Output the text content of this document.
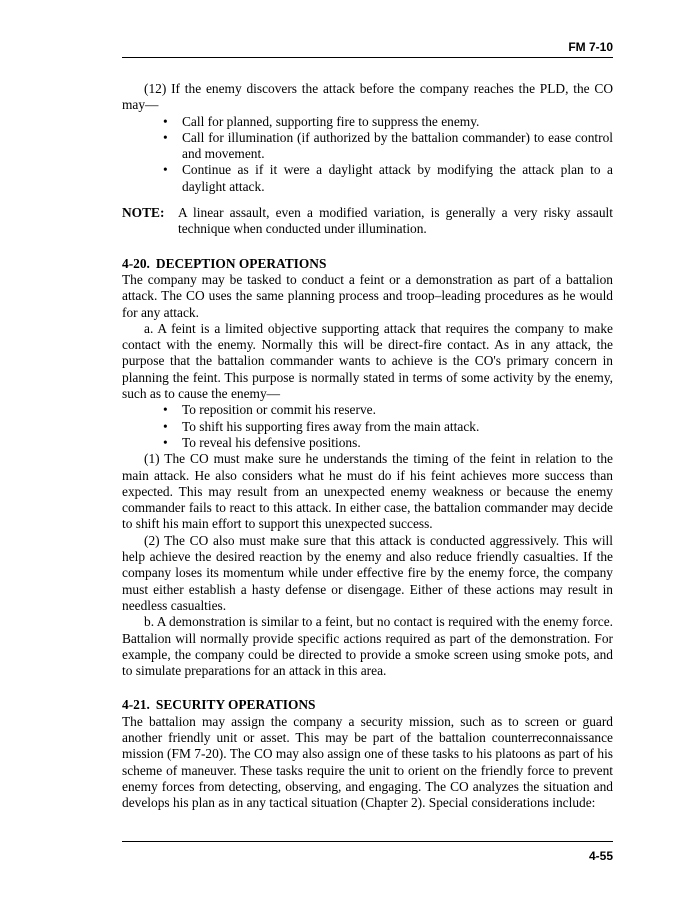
FM 7-10

(12) If the enemy discovers the attack before the company reaches the PLD, the CO may—

• Call for planned, supporting fire to suppress the enemy.
• Call for illumination (if authorized by the battalion commander) to ease control and movement.
• Continue as if it were a daylight attack by modifying the attack plan to a daylight attack.
NOTE:	A linear assault, even a modified variation, is generally a very risky assault technique when conducted under illumination.
4-20. DECEPTION OPERATIONS

The company may be tasked to conduct a feint or a demonstration as part of a battalion attack. The CO uses the same planning process and troop–leading procedures as he would for any attack.

a. A feint is a limited objective supporting attack that requires the company to make contact with the enemy. Normally this will be direct-fire contact. As in any attack, the purpose that the battalion commander wants to achieve is the CO's primary concern in planning the feint. This purpose is normally stated in terms of some activity by the enemy, such as to cause the enemy—

• To reposition or commit his reserve.
• To shift his supporting fires away from the main attack.
• To reveal his defensive positions.

(1) The CO must make sure he understands the timing of the feint in relation to the main attack. He also considers what he must do if his feint achieves more success than expected. This may result from an unexpected enemy weakness or because the enemy commander fails to react to this attack. In either case, the battalion commander may decide to shift his main effort to support this unexpected success.

(2) The CO also must make sure that this attack is conducted aggressively. This will help achieve the desired reaction by the enemy and also reduce friendly casualties. If the company loses its momentum while under effective fire by the enemy force, the company must either establish a hasty defense or disengage. Either of these actions may result in needless casualties.

b. A demonstration is similar to a feint, but no contact is required with the enemy force. Battalion will normally provide specific actions required as part of the demonstration. For example, the company could be directed to provide a smoke screen using smoke pots, and to simulate preparations for an attack in this area.

4-21. SECURITY OPERATIONS

The battalion may assign the company a security mission, such as to screen or guard another friendly unit or asset. This may be part of the battalion counterreconnaissance mission (FM 7-20). The CO may also assign one of these tasks to his platoons as part of his scheme of maneuver. These tasks require the unit to orient on the friendly force to prevent enemy forces from detecting, observing, and engaging. The CO analyzes the situation and develops his plan as in any tactical situation (Chapter 2). Special considerations include:

4-55
